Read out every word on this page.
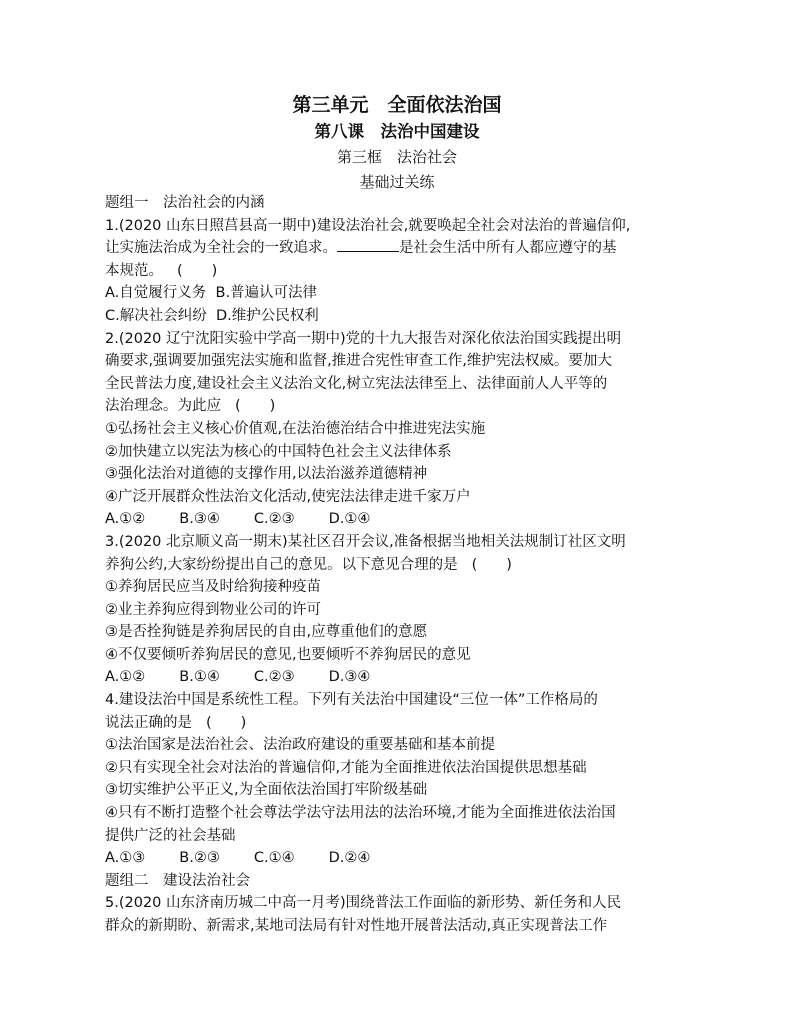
第三单元　全面依法治国
第八课　法治中国建设
第三框　法治社会
基础过关练
题组一　法治社会的内涵
1.(2020 山东日照莒县高一期中)建设法治社会,就要唤起全社会对法治的普遍信仰,
让实施法治成为全社会的一致追求。	是社会生活中所有人都应遵守的基
本规范。 (　　)
A.自觉履行义务 B.普遍认可法律
C.解决社会纠纷 D.维护公民权利
2.(2020 辽宁沈阳实验中学高一期中)党的十九大报告对深化依法治国实践提出明
确要求,强调要加强宪法实施和监督,推进合宪性审查工作,维护宪法权威。要加大
全民普法力度,建设社会主义法治文化,树立宪法法律至上、法律面前人人平等的
法治理念。为此应 (　　)
①弘扬社会主义核心价值观,在法治德治结合中推进宪法实施
②加快建立以宪法为核心的中国特色社会主义法律体系
③强化法治对道德的支撑作用,以法治滋养道德精神
④广泛开展群众性法治文化活动,使宪法法律走进千家万户
A.①② B.③④ C.②③ D.①④
3.(2020 北京顺义高一期末)某社区召开会议,准备根据当地相关法规制订社区文明
养狗公约,大家纷纷提出自己的意见。以下意见合理的是 (　　)
①养狗居民应当及时给狗接种疫苗
②业主养狗应得到物业公司的许可
③是否拴狗链是养狗居民的自由,应尊重他们的意愿
④不仅要倾听养狗居民的意见,也要倾听不养狗居民的意见
A.①② B.①④ C.②③ D.③④
4.建设法治中国是系统性工程。下列有关法治中国建设“三位一体”工作格局的
说法正确的是 (　　)
①法治国家是法治社会、法治政府建设的重要基础和基本前提
②只有实现全社会对法治的普遍信仰,才能为全面推进依法治国提供思想基础
③切实维护公平正义,为全面依法治国打牢阶级基础
④只有不断打造整个社会尊法学法守法用法的法治环境,才能为全面推进依法治国
提供广泛的社会基础
A.①③ B.②③ C.①④ D.②④
题组二　建设法治社会
5.(2020 山东济南历城二中高一月考)围绕普法工作面临的新形势、新任务和人民
群众的新期盼、新需求,某地司法局有针对性地开展普法活动,真正实现普法工作
